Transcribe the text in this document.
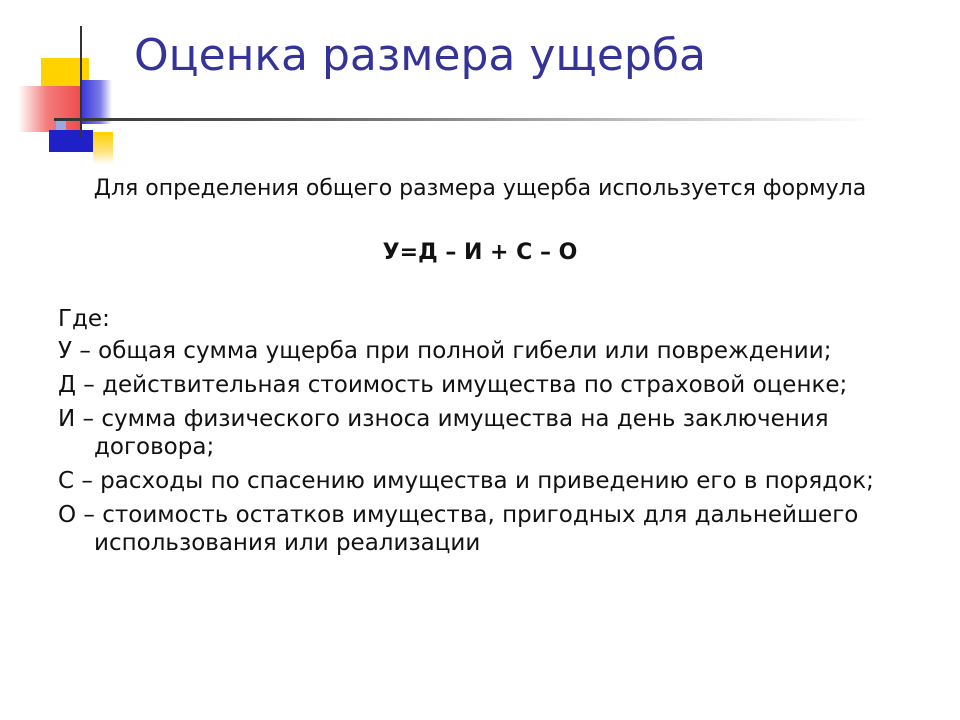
Оценка размера ущерба
Для определения общего размера ущерба используется формула
У=Д – И + С – О
Где:
У – общая сумма ущерба при полной гибели или повреждении;
Д – действительная стоимость имущества по страховой оценке;
И – сумма физического износа имущества на день заключения договора;
С – расходы по спасению имущества и приведению его в порядок;
О – стоимость остатков имущества, пригодных для дальнейшего использования или реализации
